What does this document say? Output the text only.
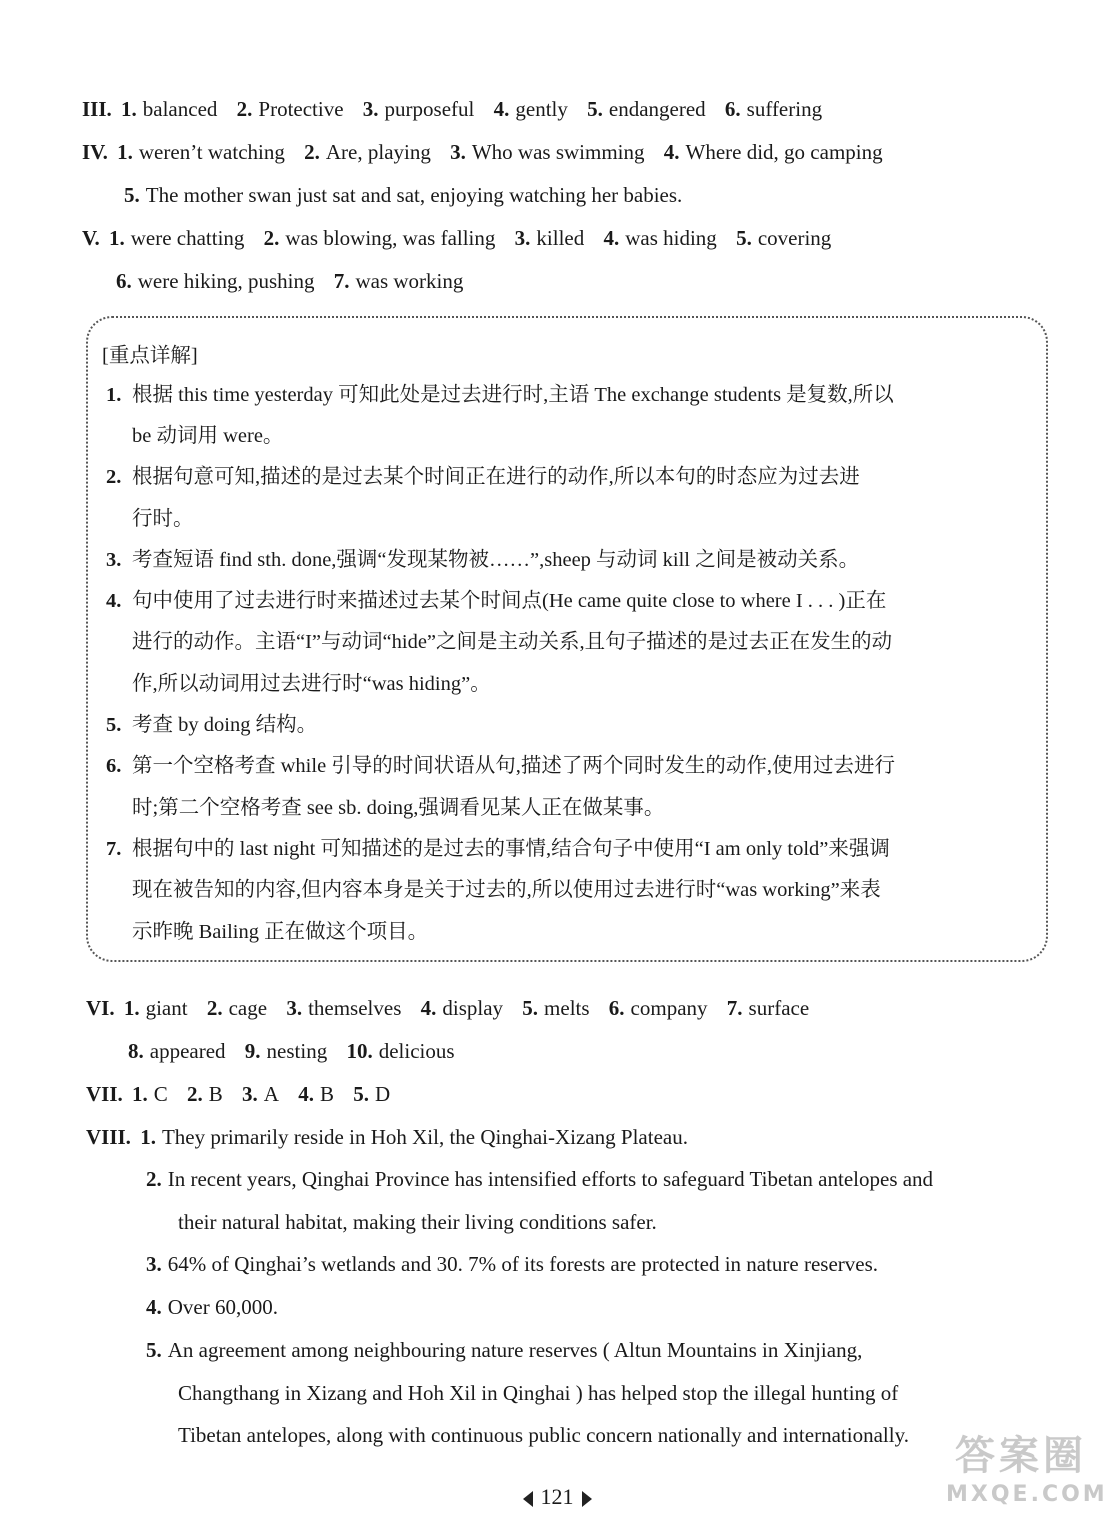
III. 1. balanced 2. Protective 3. purposeful 4. gently 5. endangered 6. suffering
IV. 1. weren’t watching 2. Are, playing 3. Who was swimming 4. Where did, go camping
5. The mother swan just sat and sat, enjoying watching her babies.
V. 1. were chatting 2. was blowing, was falling 3. killed 4. was hiding 5. covering
6. were hiking, pushing 7. was working
[重点详解]
1. 根据 this time yesterday 可知此处是过去进行时,主语 The exchange students 是复数,所以
be 动词用 were。
2. 根据句意可知,描述的是过去某个时间正在进行的动作,所以本句的时态应为过去进
行时。
3. 考查短语 find sth. done,强调“发现某物被……”,sheep 与动词 kill 之间是被动关系。
4. 句中使用了过去进行时来描述过去某个时间点(He came quite close to where I . . . )正在
进行的动作。主语“I”与动词“hide”之间是主动关系,且句子描述的是过去正在发生的动
作,所以动词用过去进行时“was hiding”。
5. 考查 by doing 结构。
6. 第一个空格考查 while 引导的时间状语从句,描述了两个同时发生的动作,使用过去进行
时;第二个空格考查 see sb. doing,强调看见某人正在做某事。
7. 根据句中的 last night 可知描述的是过去的事情,结合句子中使用“I am only told”来强调
现在被告知的内容,但内容本身是关于过去的,所以使用过去进行时“was working”来表
示昨晚 Bailing 正在做这个项目。
VI. 1. giant 2. cage 3. themselves 4. display 5. melts 6. company 7. surface
8. appeared 9. nesting 10. delicious
VII. 1. C 2. B 3. A 4. B 5. D
VIII. 1. They primarily reside in Hoh Xil, the Qinghai-Xizang Plateau.
2. In recent years, Qinghai Province has intensified efforts to safeguard Tibetan antelopes and
their natural habitat, making their living conditions safer.
3. 64% of Qinghai’s wetlands and 30. 7% of its forests are protected in nature reserves.
4. Over 60,000.
5. An agreement among neighbouring nature reserves ( Altun Mountains in Xinjiang,
Changthang in Xizang and Hoh Xil in Qinghai ) has helped stop the illegal hunting of
Tibetan antelopes, along with continuous public concern nationally and internationally.
121
答案圈
MXQE.COM
